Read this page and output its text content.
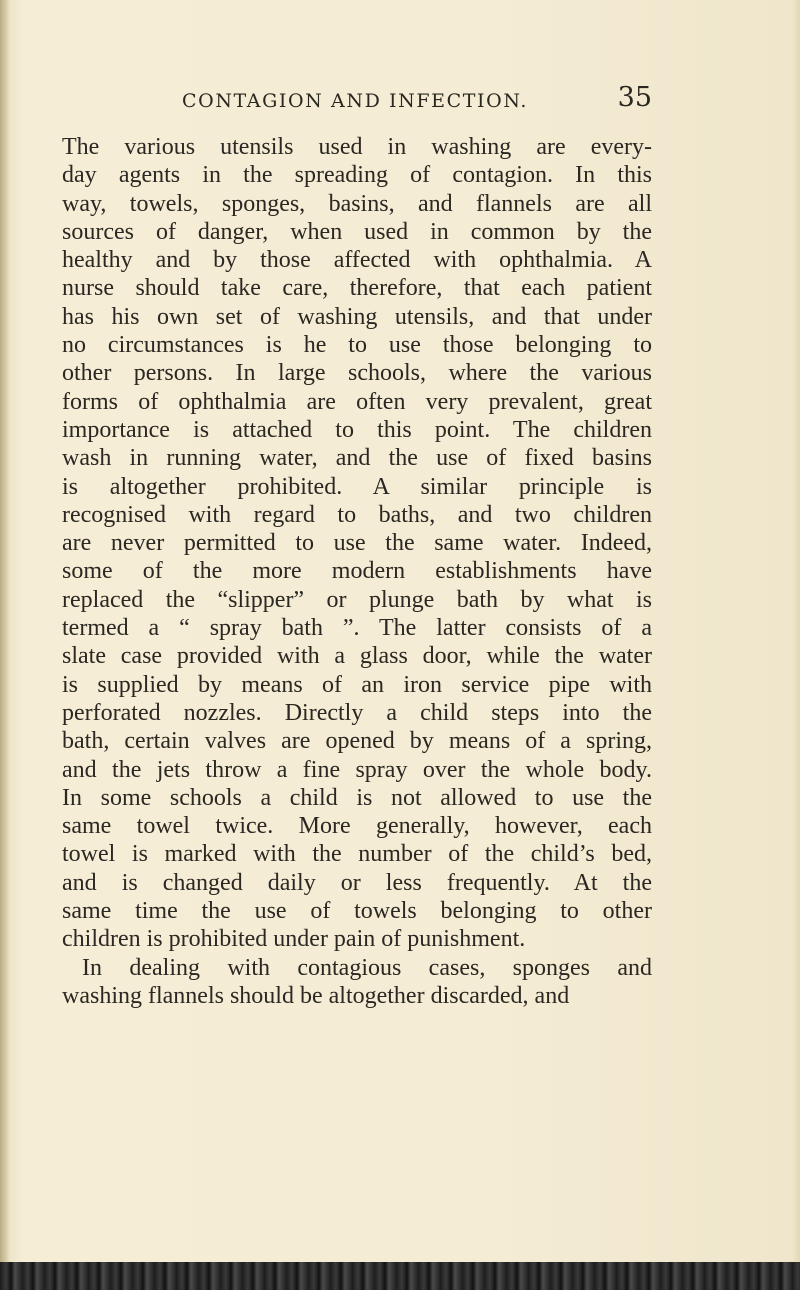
CONTAGION AND INFECTION.	35
The various utensils used in washing are every-
day agents in the spreading of contagion. In this
way, towels, sponges, basins, and flannels are all
sources of danger, when used in common by the
healthy and by those affected with ophthalmia. A
nurse should take care, therefore, that each patient
has his own set of washing utensils, and that under
no circumstances is he to use those belonging to
other persons. In large schools, where the various
forms of ophthalmia are often very prevalent, great
importance is attached to this point. The children
wash in running water, and the use of fixed basins
is altogether prohibited. A similar principle is
recognised with regard to baths, and two children
are never permitted to use the same water. Indeed,
some of the more modern establishments have
replaced the “slipper” or plunge bath by what is
termed a “ spray bath ”. The latter consists of a
slate case provided with a glass door, while the water
is supplied by means of an iron service pipe with
perforated nozzles. Directly a child steps into the
bath, certain valves are opened by means of a spring,
and the jets throw a fine spray over the whole body.
In some schools a child is not allowed to use the
same towel twice. More generally, however, each
towel is marked with the number of the child’s bed,
and is changed daily or less frequently. At the
same time the use of towels belonging to other
children is prohibited under pain of punishment.
In dealing with contagious cases, sponges and
washing flannels should be altogether discarded, and
